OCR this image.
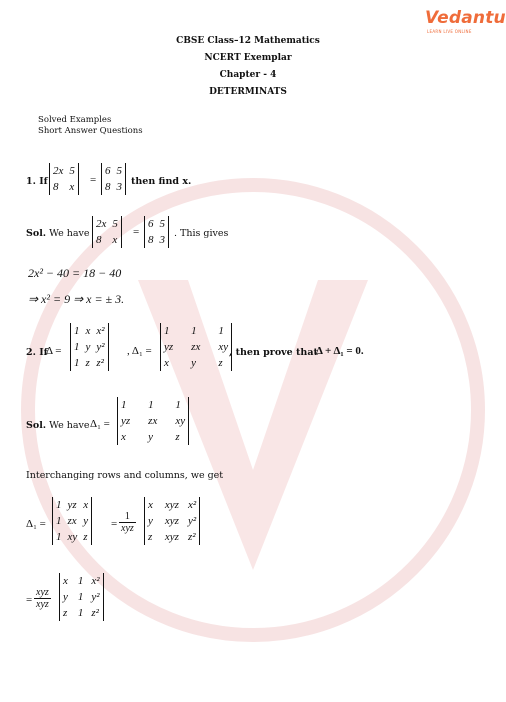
Vedantu
LEARN LIVE ONLINE
CBSE Class–12 Mathematics
NCERT Exemplar
Chapter - 4
DETERMINATS
Solved Examples
Short Answer Questions
1. If
2x	5
8	x
=
6	5
8	3 then find x.
Sol. We have
2x	5
8	x
=
6	5
8	3
. This gives
2x² − 40 = 18 − 40
⇒ x² = 9 ⇒ x = ± 3.
2. If
Δ =
1	x	x²
1	y	y²
1	z	z²
, Δ₁ =
1	1	1
yz	zx	xy
x	y	z
, then prove that
Δ + Δ₁ = 0.
Sol. We have Δ₁ =
1	1	1
yz	zx	xy
x	y	z
Interchanging rows and columns, we get
Δ₁ =
1	yz	x
1	zx	y
1	xy	z
=
1
xyz
x	xyz	x²
y	xyz	y²
z	xyz	z²
=
xyz
xyz
x	1	x²
y	1	y²
z	1	z²
